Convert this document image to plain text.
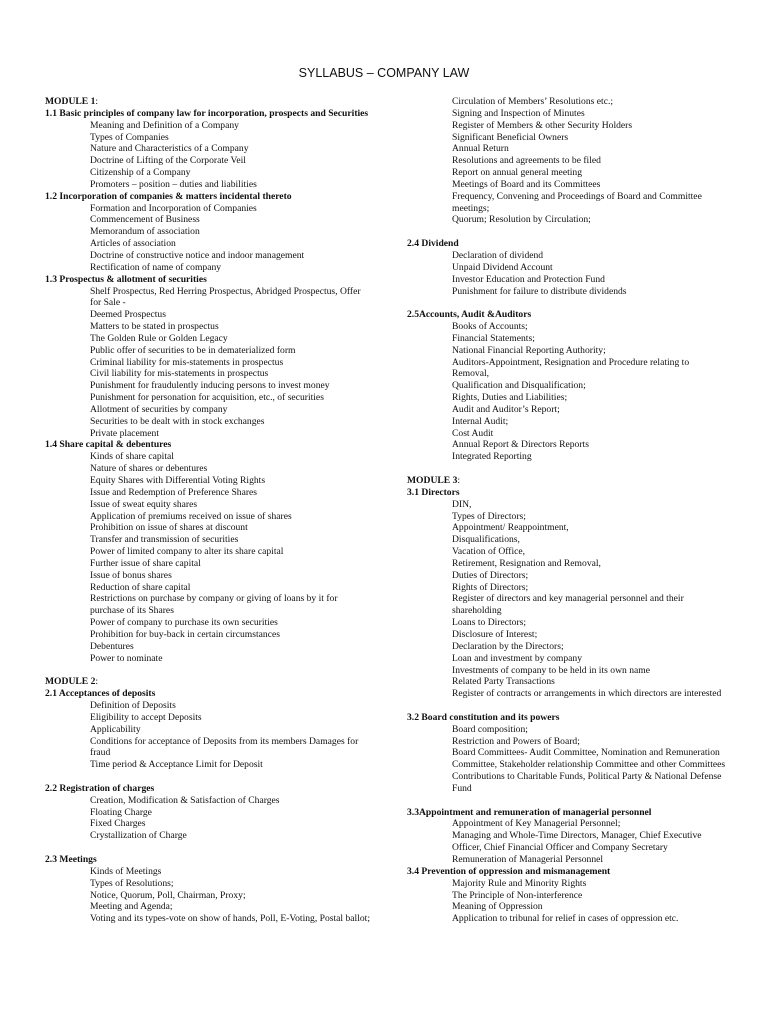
SYLLABUS – COMPANY LAW
MODULE 1:
1.1 Basic principles of company law for incorporation, prospects and Securities
Meaning and Definition of a Company
Types of Companies
Nature and Characteristics of a Company
Doctrine of Lifting of the Corporate Veil
Citizenship of a Company
Promoters – position – duties and liabilities
1.2 Incorporation of companies & matters incidental thereto
Formation and Incorporation of Companies
Commencement of Business
Memorandum of association
Articles of association
Doctrine of constructive notice and indoor management
Rectification of name of company
1.3 Prospectus & allotment of securities
Shelf Prospectus, Red Herring Prospectus, Abridged Prospectus, Offer for Sale -
Deemed Prospectus
Matters to be stated in prospectus
The Golden Rule or Golden Legacy
Public offer of securities to be in dematerialized form
Criminal liability for mis-statements in prospectus
Civil liability for mis-statements in prospectus
Punishment for fraudulently inducing persons to invest money
Punishment for personation for acquisition, etc., of securities
Allotment of securities by company
Securities to be dealt with in stock exchanges
Private placement
1.4 Share capital & debentures
Kinds of share capital
Nature of shares or debentures
Equity Shares with Differential Voting Rights
Issue and Redemption of Preference Shares
Issue of sweat equity shares
Application of premiums received on issue of shares
Prohibition on issue of shares at discount
Transfer and transmission of securities
Power of limited company to alter its share capital
Further issue of share capital
Issue of bonus shares
Reduction of share capital
Restrictions on purchase by company or giving of loans by it for purchase of its Shares
Power of company to purchase its own securities
Prohibition for buy-back in certain circumstances
Debentures
Power to nominate
MODULE 2:
2.1 Acceptances of deposits
Definition of Deposits
Eligibility to accept Deposits
Applicability
Conditions for acceptance of Deposits from its members Damages for fraud
Time period & Acceptance Limit for Deposit
2.2 Registration of charges
Creation, Modification & Satisfaction of Charges
Floating Charge
Fixed Charges
Crystallization of Charge
2.3 Meetings
Kinds of Meetings
Types of Resolutions;
Notice, Quorum, Poll, Chairman, Proxy;
Meeting and Agenda;
Voting and its types-vote on show of hands, Poll, E-Voting, Postal ballot;
Circulation of Members’ Resolutions etc.;
Signing and Inspection of Minutes
Register of Members & other Security Holders
Significant Beneficial Owners
Annual Return
Resolutions and agreements to be filed
Report on annual general meeting
Meetings of Board and its Committees
Frequency, Convening and Proceedings of Board and Committee meetings;
Quorum; Resolution by Circulation;
2.4 Dividend
Declaration of dividend
Unpaid Dividend Account
Investor Education and Protection Fund
Punishment for failure to distribute dividends
2.5Accounts, Audit &Auditors
Books of Accounts;
Financial Statements;
National Financial Reporting Authority;
Auditors-Appointment, Resignation and Procedure relating to Removal,
Qualification and Disqualification;
Rights, Duties and Liabilities;
Audit and Auditor’s Report;
Internal Audit;
Cost Audit
Annual Report & Directors Reports
Integrated Reporting
MODULE 3:
3.1 Directors
DIN,
Types of Directors;
Appointment/ Reappointment,
Disqualifications,
Vacation of Office,
Retirement, Resignation and Removal,
Duties of Directors;
Rights of Directors;
Register of directors and key managerial personnel and their shareholding
Loans to Directors;
Disclosure of Interest;
Declaration by the Directors;
Loan and investment by company
Investments of company to be held in its own name
Related Party Transactions
Register of contracts or arrangements in which directors are interested
3.2 Board constitution and its powers
Board composition;
Restriction and Powers of Board;
Board Committees- Audit Committee, Nomination and Remuneration Committee, Stakeholder relationship Committee and other Committees
Contributions to Charitable Funds, Political Party & National Defense Fund
3.3Appointment and remuneration of managerial personnel
Appointment of Key Managerial Personnel;
Managing and Whole-Time Directors, Manager, Chief Executive Officer, Chief Financial Officer and Company Secretary
Remuneration of Managerial Personnel
3.4 Prevention of oppression and mismanagement
Majority Rule and Minority Rights
The Principle of Non-interference
Meaning of Oppression
Application to tribunal for relief in cases of oppression etc.
